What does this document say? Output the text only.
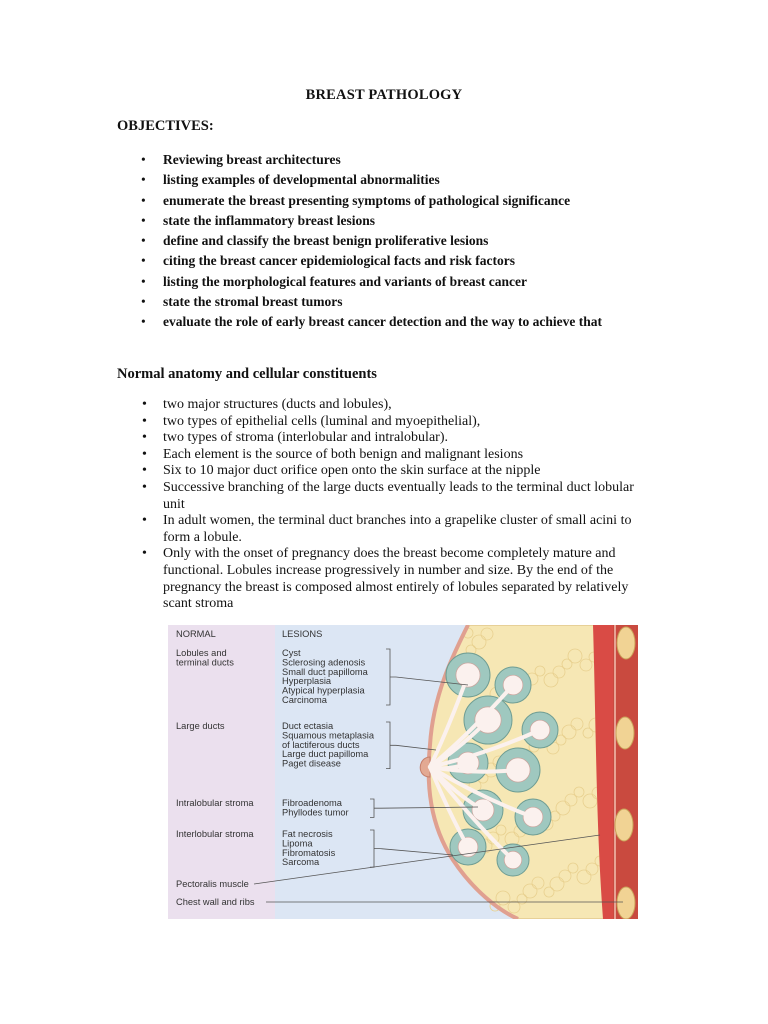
BREAST PATHOLOGY
OBJECTIVES:
• Reviewing breast architectures
• listing examples of developmental abnormalities
• enumerate the breast presenting symptoms of pathological significance
• state the inflammatory breast lesions
• define and classify the breast benign proliferative lesions
• citing the breast cancer epidemiological facts and risk factors
• listing the morphological features and variants of breast cancer
• state the stromal breast tumors
• evaluate the role of early breast cancer detection and the way to achieve that
Normal anatomy and cellular constituents
• two major structures (ducts and lobules),
• two types of epithelial cells (luminal and myoepithelial),
• two types of stroma (interlobular and intralobular).
• Each element is the source of both benign and malignant lesions
• Six to 10 major duct orifice open onto the skin surface at the nipple
• Successive branching of the large ducts eventually leads to the terminal duct lobular unit
• In adult women, the terminal duct branches into a grapelike cluster of small acini to form a lobule.
• Only with the onset of pregnancy does the breast become completely mature and functional. Lobules increase progressively in number and size. By the end of the pregnancy the breast is composed almost entirely of lobules separated by relatively scant stroma
NORMAL	LESIONS
Lobules and
terminal ducts
Cyst
Sclerosing adenosis
Small duct papilloma
Hyperplasia
Atypical hyperplasia
Carcinoma
Large ducts	Duct ectasia
Squamous metaplasia
of lactiferous ducts
Large duct papilloma
Paget disease
Intralobular stroma	Fibroadenoma
Phyllodes tumor
Interlobular stroma	Fat necrosis
Lipoma
Fibromatosis
Sarcoma
Pectoralis muscle
Chest wall and ribs
